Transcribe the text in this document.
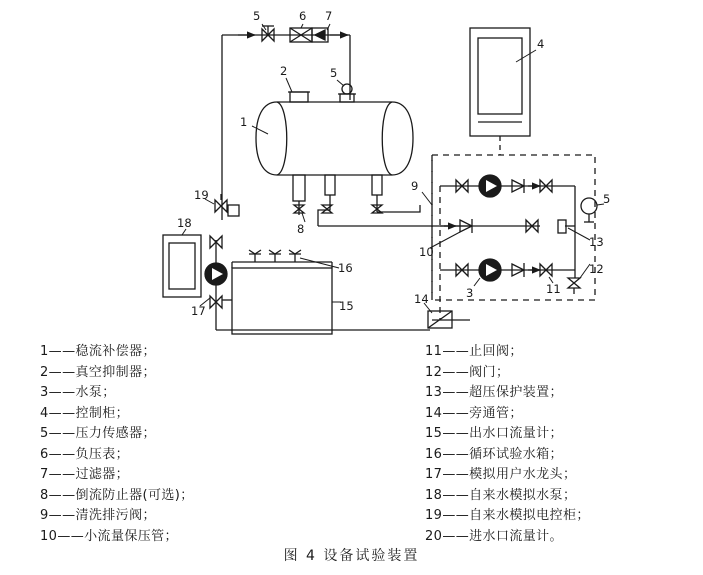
5	6 7
2	5
1
4
5
8
9
10
11
12
13
14
15
16
17
18
19
3
1——稳流补偿器；
2——真空抑制器；
3——水泵；
4——控制柜；
5——压力传感器；
6——负压表；
7——过滤器；
8——倒流防止器(可选)；
9——清洗排污阀；
10——小流量保压管；
11——止回阀；
12——阀门；
13——超压保护装置；
14——旁通管；
15——出水口流量计；
16——循环试验水箱；
17——模拟用户水龙头；
18——自来水模拟水泵；
19——自来水模拟电控柜；
20——进水口流量计。
图 4 设备试验装置
